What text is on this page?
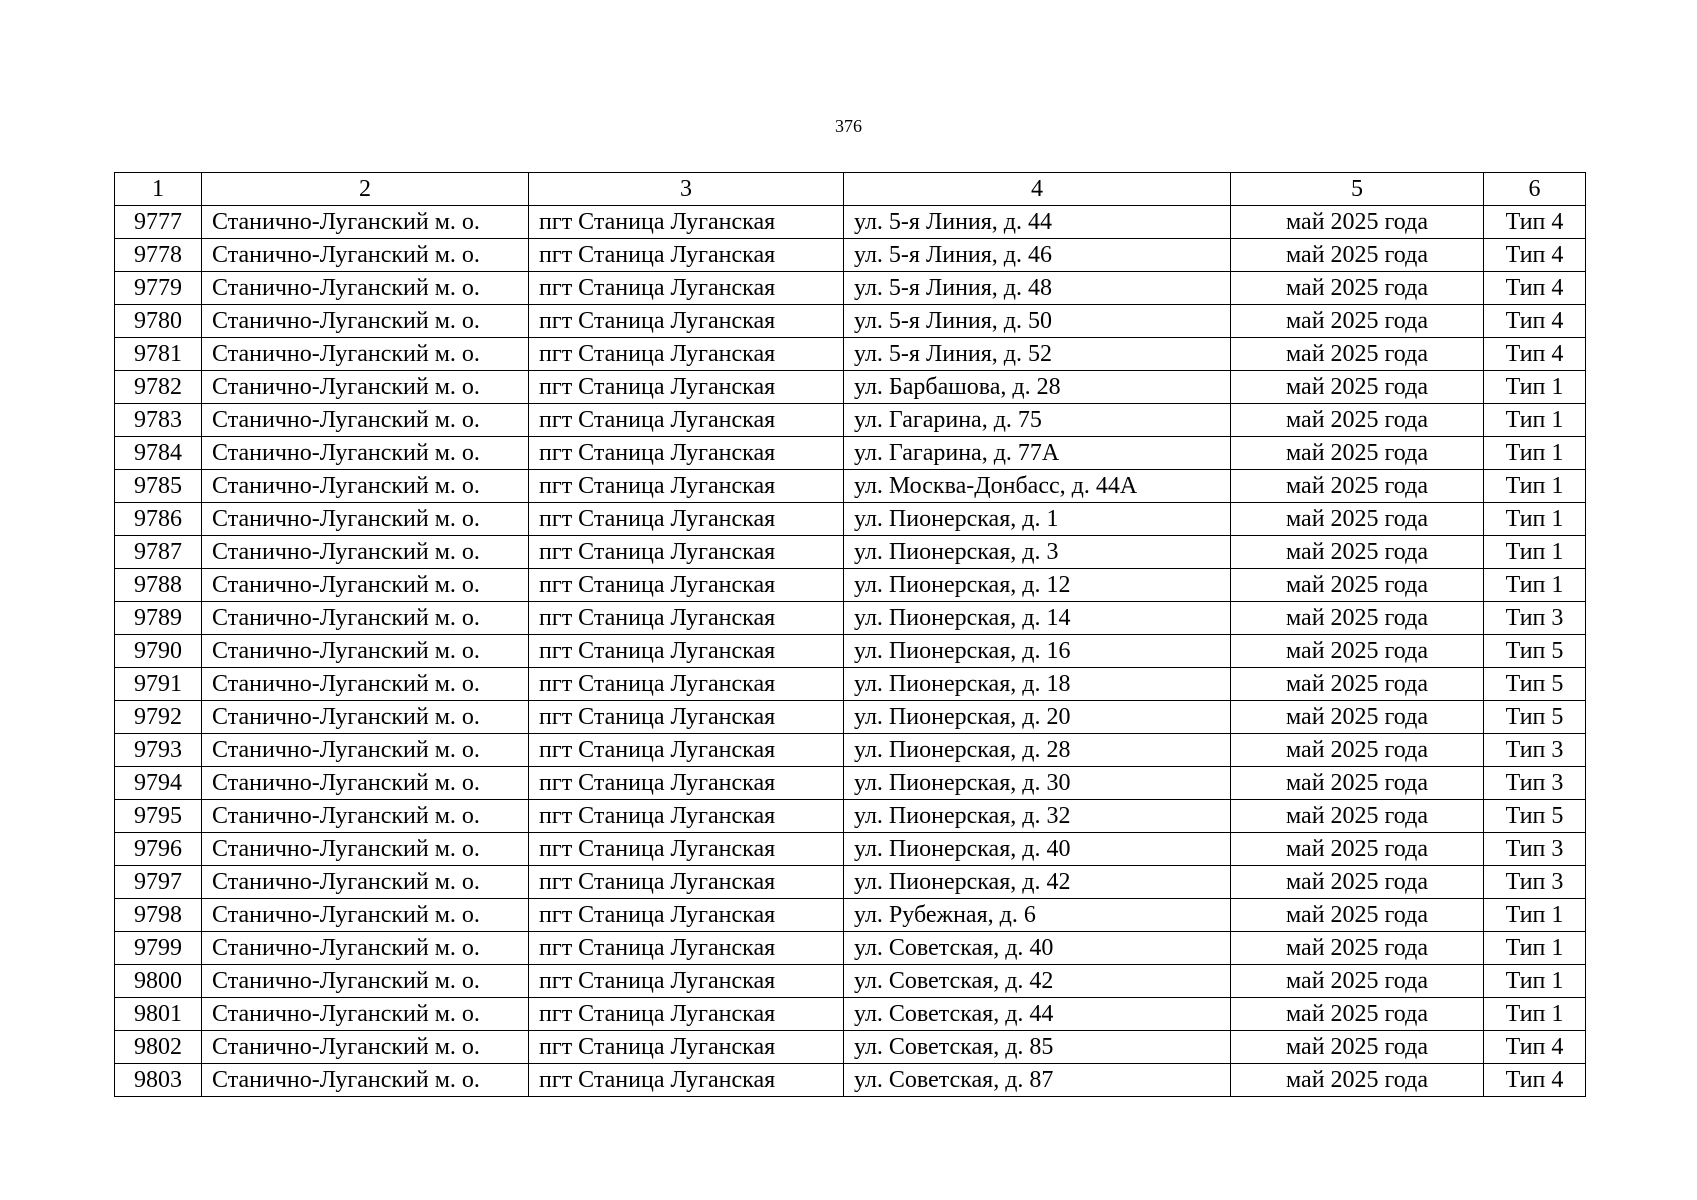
376
1	2	3	4	5	6
9777	Станично-Луганский м. о.	пгт Станица Луганская	ул. 5-я Линия, д. 44	май 2025 года	Тип 4
9778	Станично-Луганский м. о.	пгт Станица Луганская	ул. 5-я Линия, д. 46	май 2025 года	Тип 4
9779	Станично-Луганский м. о.	пгт Станица Луганская	ул. 5-я Линия, д. 48	май 2025 года	Тип 4
9780	Станично-Луганский м. о.	пгт Станица Луганская	ул. 5-я Линия, д. 50	май 2025 года	Тип 4
9781	Станично-Луганский м. о.	пгт Станица Луганская	ул. 5-я Линия, д. 52	май 2025 года	Тип 4
9782	Станично-Луганский м. о.	пгт Станица Луганская	ул. Барбашова, д. 28	май 2025 года	Тип 1
9783	Станично-Луганский м. о.	пгт Станица Луганская	ул. Гагарина, д. 75	май 2025 года	Тип 1
9784	Станично-Луганский м. о.	пгт Станица Луганская	ул. Гагарина, д. 77А	май 2025 года	Тип 1
9785	Станично-Луганский м. о.	пгт Станица Луганская	ул. Москва-Донбасс, д. 44А	май 2025 года	Тип 1
9786	Станично-Луганский м. о.	пгт Станица Луганская	ул. Пионерская, д. 1	май 2025 года	Тип 1
9787	Станично-Луганский м. о.	пгт Станица Луганская	ул. Пионерская, д. 3	май 2025 года	Тип 1
9788	Станично-Луганский м. о.	пгт Станица Луганская	ул. Пионерская, д. 12	май 2025 года	Тип 1
9789	Станично-Луганский м. о.	пгт Станица Луганская	ул. Пионерская, д. 14	май 2025 года	Тип 3
9790	Станично-Луганский м. о.	пгт Станица Луганская	ул. Пионерская, д. 16	май 2025 года	Тип 5
9791	Станично-Луганский м. о.	пгт Станица Луганская	ул. Пионерская, д. 18	май 2025 года	Тип 5
9792	Станично-Луганский м. о.	пгт Станица Луганская	ул. Пионерская, д. 20	май 2025 года	Тип 5
9793	Станично-Луганский м. о.	пгт Станица Луганская	ул. Пионерская, д. 28	май 2025 года	Тип 3
9794	Станично-Луганский м. о.	пгт Станица Луганская	ул. Пионерская, д. 30	май 2025 года	Тип 3
9795	Станично-Луганский м. о.	пгт Станица Луганская	ул. Пионерская, д. 32	май 2025 года	Тип 5
9796	Станично-Луганский м. о.	пгт Станица Луганская	ул. Пионерская, д. 40	май 2025 года	Тип 3
9797	Станично-Луганский м. о.	пгт Станица Луганская	ул. Пионерская, д. 42	май 2025 года	Тип 3
9798	Станично-Луганский м. о.	пгт Станица Луганская	ул. Рубежная, д. 6	май 2025 года	Тип 1
9799	Станично-Луганский м. о.	пгт Станица Луганская	ул. Советская, д. 40	май 2025 года	Тип 1
9800	Станично-Луганский м. о.	пгт Станица Луганская	ул. Советская, д. 42	май 2025 года	Тип 1
9801	Станично-Луганский м. о.	пгт Станица Луганская	ул. Советская, д. 44	май 2025 года	Тип 1
9802	Станично-Луганский м. о.	пгт Станица Луганская	ул. Советская, д. 85	май 2025 года	Тип 4
9803	Станично-Луганский м. о.	пгт Станица Луганская	ул. Советская, д. 87	май 2025 года	Тип 4
